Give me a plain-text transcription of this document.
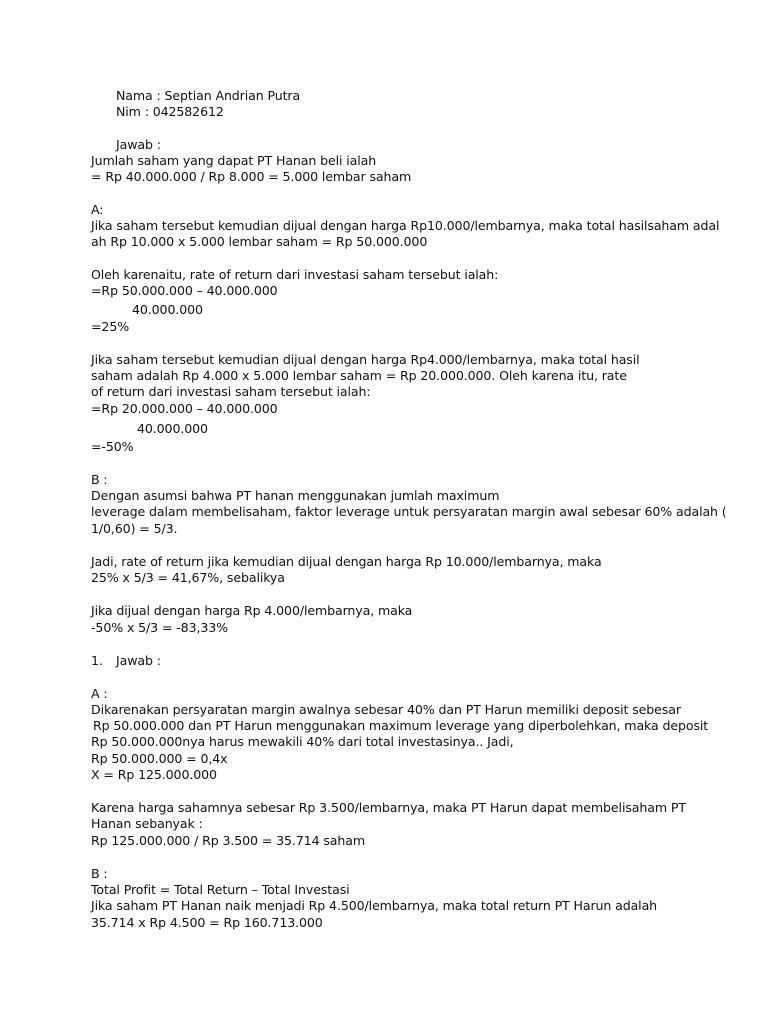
Nama : Septian Andrian Putra
Nim : 042582612
Jawab :
Jumlah saham yang dapat PT Hanan beli ialah
= Rp 40.000.000 / Rp 8.000 = 5.000 lembar saham
A:
Jika saham tersebut kemudian dijual dengan harga Rp10.000/lembarnya, maka total hasilsaham adal
ah Rp 10.000 x 5.000 lembar saham = Rp 50.000.000
Oleh karenaitu, rate of return dari investasi saham tersebut ialah:
=Rp 50.000.000 – 40.000.000
40.000.000
=25%
Jika saham tersebut kemudian dijual dengan harga Rp4.000/lembarnya, maka total hasil
saham adalah Rp 4.000 x 5.000 lembar saham = Rp 20.000.000. Oleh karena itu, rate
of return dari investasi saham tersebut ialah:
=Rp 20.000.000 – 40.000.000
40.000.000
=-50%
B :
Dengan asumsi bahwa PT hanan menggunakan jumlah maximum
leverage dalam membelisaham, faktor leverage untuk persyaratan margin awal sebesar 60% adalah (
1/0,60) = 5/3.
Jadi, rate of return jika kemudian dijual dengan harga Rp 10.000/lembarnya, maka
25% x 5/3 = 41,67%, sebalikya
Jika dijual dengan harga Rp 4.000/lembarnya, maka
-50% x 5/3 = -83,33%
1. Jawab :
A :
Dikarenakan persyaratan margin awalnya sebesar 40% dan PT Harun memiliki deposit sebesar
Rp 50.000.000 dan PT Harun menggunakan maximum leverage yang diperbolehkan, maka deposit
Rp 50.000.000nya harus mewakili 40% dari total investasinya.. Jadi,
Rp 50.000.000 = 0,4x
X = Rp 125.000.000
Karena harga sahamnya sebesar Rp 3.500/lembarnya, maka PT Harun dapat membelisaham PT
Hanan sebanyak :
Rp 125.000.000 / Rp 3.500 = 35.714 saham
B :
Total Profit = Total Return – Total Investasi
Jika saham PT Hanan naik menjadi Rp 4.500/lembarnya, maka total return PT Harun adalah
35.714 x Rp 4.500 = Rp 160.713.000
